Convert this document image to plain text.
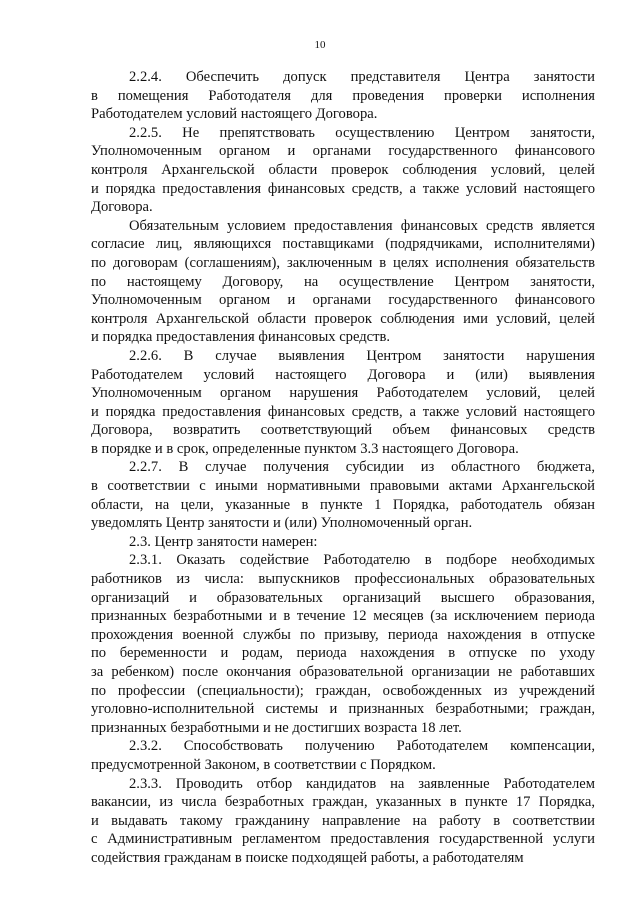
10
2.2.4. Обеспечить допуск представителя Центра занятости
в помещения Работодателя для проведения проверки исполнения
Работодателем условий настоящего Договора.
2.2.5. Не препятствовать осуществлению Центром занятости,
Уполномоченным органом и органами государственного финансового
контроля Архангельской области проверок соблюдения условий, целей
и порядка предоставления финансовых средств, а также условий настоящего
Договора.
Обязательным условием предоставления финансовых средств является
согласие лиц, являющихся поставщиками (подрядчиками, исполнителями)
по договорам (соглашениям), заключенным в целях исполнения обязательств
по настоящему Договору, на осуществление Центром занятости,
Уполномоченным органом и органами государственного финансового
контроля Архангельской области проверок соблюдения ими условий, целей
и порядка предоставления финансовых средств.
2.2.6. В случае выявления Центром занятости нарушения
Работодателем условий настоящего Договора и (или) выявления
Уполномоченным органом нарушения Работодателем условий, целей
и порядка предоставления финансовых средств, а также условий настоящего
Договора, возвратить соответствующий объем финансовых средств
в порядке и в срок, определенные пунктом 3.3 настоящего Договора.
2.2.7. В случае получения субсидии из областного бюджета,
в соответствии с иными нормативными правовыми актами Архангельской
области, на цели, указанные в пункте 1 Порядка, работодатель обязан
уведомлять Центр занятости и (или) Уполномоченный орган.
2.3. Центр занятости намерен:
2.3.1. Оказать содействие Работодателю в подборе необходимых
работников из числа: выпускников профессиональных образовательных
организаций и образовательных организаций высшего образования,
признанных безработными и в течение 12 месяцев (за исключением периода
прохождения военной службы по призыву, периода нахождения в отпуске
по беременности и родам, периода нахождения в отпуске по уходу
за ребенком) после окончания образовательной организации не работавших
по профессии (специальности); граждан, освобожденных из учреждений
уголовно-исполнительной системы и признанных безработными; граждан,
признанных безработными и не достигших возраста 18 лет.
2.3.2. Способствовать получению Работодателем компенсации,
предусмотренной Законом, в соответствии с Порядком.
2.3.3. Проводить отбор кандидатов на заявленные Работодателем
вакансии, из числа безработных граждан, указанных в пункте 17 Порядка,
и выдавать такому гражданину направление на работу в соответствии
с Административным регламентом предоставления государственной услуги
содействия гражданам в поиске подходящей работы, а работодателям
